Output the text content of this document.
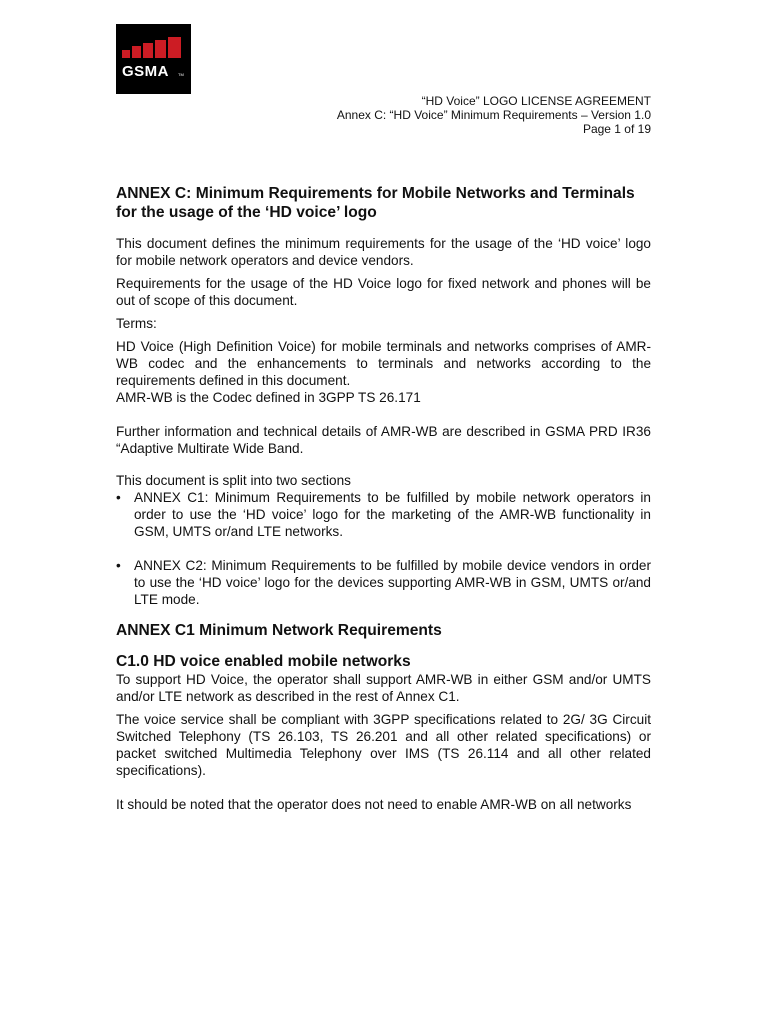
GSMA TM
“HD Voice” LOGO LICENSE AGREEMENT
Annex C: “HD Voice” Minimum Requirements – Version 1.0
Page 1 of 19
ANNEX C: Minimum Requirements for Mobile Networks and Terminals for the usage of the ‘HD voice’ logo

This document defines the minimum requirements for the usage of the ‘HD voice’ logo for mobile network operators and device vendors.

Requirements for the usage of the HD Voice logo for fixed network and phones will be out of scope of this document.

Terms:

HD Voice (High Definition Voice) for mobile terminals and networks comprises of AMR-WB codec and the enhancements to terminals and networks according to the requirements defined in this document.

AMR-WB is the Codec defined in 3GPP TS 26.171

Further information and technical details of AMR-WB are described in GSMA PRD IR36 “Adaptive Multirate Wide Band.

This document is split into two sections

• ANNEX C1: Minimum Requirements to be fulfilled by mobile network operators in order to use the ‘HD voice’ logo for the marketing of the AMR-WB functionality in GSM, UMTS or/and LTE networks.
• ANNEX C2: Minimum Requirements to be fulfilled by mobile device vendors in order to use the ‘HD voice’ logo for the devices supporting AMR-WB in GSM, UMTS or/and LTE mode.
ANNEX C1 Minimum Network Requirements
C1.0 HD voice enabled mobile networks

To support HD Voice, the operator shall support AMR-WB in either GSM and/or UMTS and/or LTE network as described in the rest of Annex C1.

The voice service shall be compliant with 3GPP specifications related to 2G/ 3G Circuit Switched Telephony (TS 26.103, TS 26.201 and all other related specifications) or packet switched Multimedia Telephony over IMS (TS 26.114 and all other related specifications).

It should be noted that the operator does not need to enable AMR-WB on all networks
